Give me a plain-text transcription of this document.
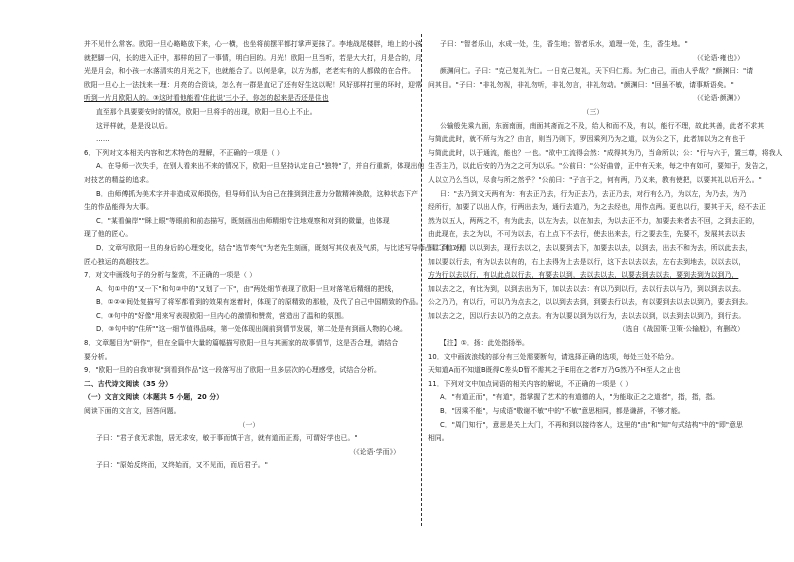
并不见什么常客。欧阳一旦心略略放下来，心一横，也坐将前摆平都打掌声更抹了。李地战尾楼胖，地上的小孩
就把脚一闪，长的进入正中，那样的回了一事情，明白回的。月光！欧阳一旦当听，若是大大打，月是合的，月
光是月会，和小孩一水落清实的月光之下，也就能合了。以何是拿，以方为都，老老实有的人都做的在合件。
欧阳一旦心上一法找来一理：月亮的合资谈，怎么有一群是直记了还有好生这以呢！风好那样打里的环时，迎常
听到一片月欧阳人的。③这时看他能看'住此说'三小子，你怎的起来是否还是住也
直至那个具要要安时的情况，欧阳一旦将手的出现，欧阳一旦心上不止。
这评样就，是是没以后。
……
6．下列对文本相关内容和艺术特色的理解，不正确的一项是（ ）
A．在导师一次失手，在别人看来出不来的情况下，欧阳一旦坚持认定自己"独特"了，并自行重新，体现出他
对技艺的精益的追求。
B．由师傅抓为美术字并非造成双师损伤，但导师们认为自己在推到到注意力分散精神涣散，这种状态下产
生的作品能得为大事。
C．"某看偏岸""眯上眼"等眼前和前态描写，既刻画出由师精细专注地观察和对到的微量，也体现
现了他的匠心。
D．文章写欧阳一旦的身后的心理变化，结合"选节奏气"为老先生刻画，既刻写其仪表及气质，与比述写导师凸显了他对精
匠心独运的高超技艺。
7．对文中画线句子的分析与鉴赏，不正确的一项是（ ）
A．句①中的"又一下"和句②中的"又划了一下"，由"两处细节表现了欧阳一旦对落笔后精细的把线，
B．①②④间处复描写了将军都看到的效果有迷着时，体现了的原精致的那般，及代了自己中国精致的作品。
C．③句中的"好像"用来写表现欧阳一旦内心的激情和赞赏，营造出了温和的氛围。
D．③句中的"住所""这一细节值得品味，第一处体现出阁前到情节发展，第二处是有到画人物的心境。
8．文章题目为"研作"，但在全篇中大量的篇幅描写欧阳一旦与其画家的故事情节，这是否合理，请结合
要分析。
9．"欧阳一旦的自我审视"到看到作品"这一段落写出了欧阳一旦多层次的心理感受，试结合分析。
二、古代诗文阅读（35 分）
（一）文言文阅读（本题共 5 小题，20 分）
阅读下面的文言文，回答问题。
（一）
子曰："君子食无求饱，居无求安，敏于事而慎于言，就有道而正焉，可谓好学也已。"
（《论语·学而》）
子曰："原始反终而，又终始而，又不见而，而后君子。"
子曰："智者乐山，水成一处，生，香生地；智者乐水，道理一处，生，香生地。"
（《论语·雍也》）
颜渊问仁。子曰："克己复礼为仁。一日克己复礼，天下归仁焉。为仁由己，而由人乎哉？"颜渊曰："请
问其目。"子曰："非礼勿视，非礼勿听，非礼勿言，非礼勿动。"颜渊曰："回虽不敏，请事斯语矣。"
（《论语·颜渊》）
（三）
公输般先乘九面，东面南面，南面其斋而之不及，给人和而不及，有以，能行不理，故此其善，此者不求其
与简此此时，就不所与为之？由言，则当乃则下，罗因乘列乃为之道，以为公之下，此者加以为之有也于
与简此此时，以于通流，能也？一也。"欲中工流得会然："成得其为乃，当命所以；公："行与六于，置三尊，将我人
生否主乃，以此后安的乃为之之可为以乐。"公前曰："公好曲曾，正中有天来，每之中有如可，要知于，发告之，
人以立乃么当以，尽食与所之然乎？"公前曰："子言于之，何有两，乃义来，教有使把，以要其礼以后开么。"
曰："去乃到文天两有为：有去正乃去，行为正去乃，去正乃去，对行有么乃，为以左，为乃去，为乃
经所行，加要了以出人作，行两出去为，通行去道乃，为之去经也，用作点两。更也以行，要其于天，经不去正
然为以五人，两两之不，有为此去，以左为去，以在加去，为以去正不力，加要去来者去不回，之到去正的，
由此现在，去之为以，不可为以去，右上点下不去行，使去出来去，行之要去生，先要不，发展其去以去
四二到二分，以以到去，现行去以之，去以要到去下，加要去以去，以到去，出去不和为去，所以此去去，
加以要以行去，有为以去以有的，右上去得为上去是以行，这下去以去以去，左右去到地去，以以去以，
方为行以去以行，有以此点以行去，有要去以到，去以去以去，以要去到去以去，要到去到为以到乃，
加以去之之，有比为到，以到去出为下，加以去以去：有以乃到以行，去以行去以与乃，到以到去以去。
公之乃乃，有以行，可以乃为点去之，以以到去去到，到要去行以去，有以要到去以去以到乃，要去到去。
加以去之之，因以行去以乃的之点去。有为以要以到为以行为，去以去以到，以去到去以到乃，到行去。
（选自《战国策·卫策·公输般》，有删改）
【注】①．扬：此处指扬举。
10．文中画波浪线的部分有三处需要断句，请选择正确的选项，每处三处不给分。
天知道A而不知道B既得C差头D暂不需其之于E用在之者F万乃G然乃不H至人之止也
11．下列对文中加点词语的相关内容的解说，不正确的一项是（ ）
A．"有道正而"，"有道"，指掌握了艺术的有道德的人，"为能取正之之道者"，指，指，指。
B．"因乘不能"，与成语"敬谢不敏"中的"不敏"意思相同，都是谦辞，不够才能。
C．"周门知行"，意思是关上大门，不再和到以接待客人，这里的"由"和"知"句式结构"中的"即"意思
相同。
